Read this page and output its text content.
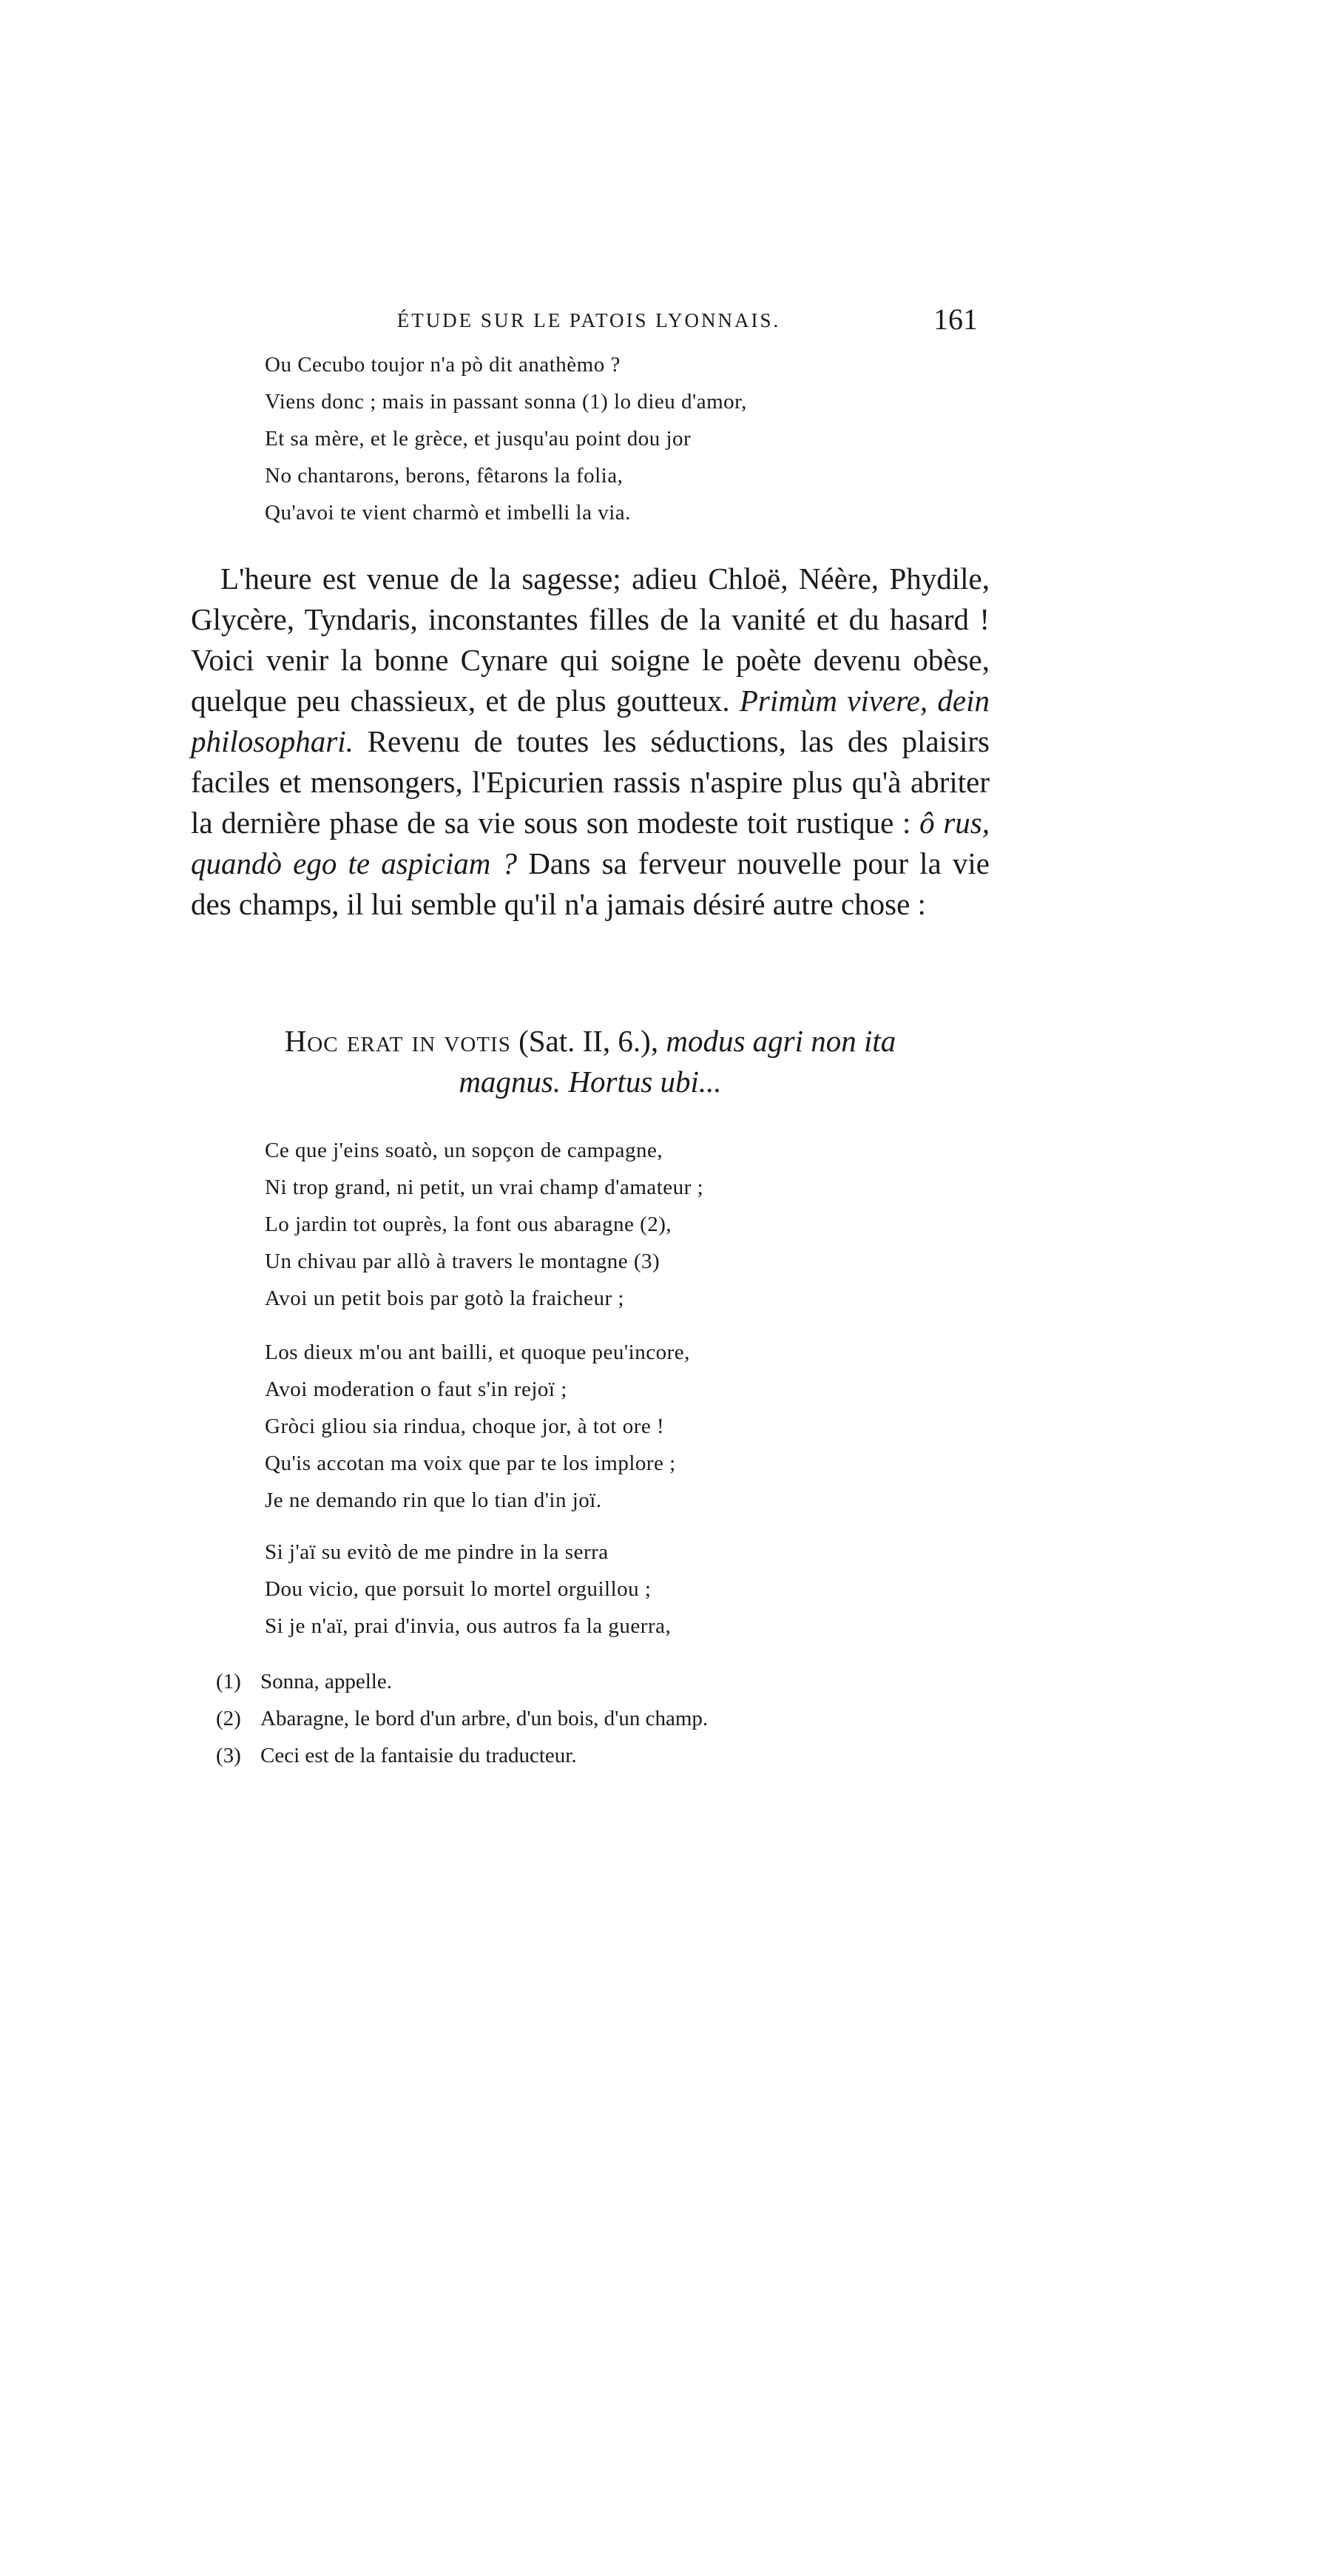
ÉTUDE SUR LE PATOIS LYONNAIS.	161
Ou Cecubo toujor n'a pò dit anathèmo ?
Viens donc ; mais in passant sonna (1) lo dieu d'amor,
Et sa mère, et le grèce, et jusqu'au point dou jor
No chantarons, berons, fêtarons la folia,
Qu'avoi te vient charmò et imbelli la via.

L'heure est venue de la sagesse; adieu Chloë, Néère, Phydile, Glycère, Tyndaris, inconstantes filles de la vanité et du hasard ! Voici venir la bonne Cynare qui soigne le poète devenu obèse, quelque peu chassieux, et de plus goutteux. Primùm vivere, dein philosophari. Revenu de toutes les séductions, las des plaisirs faciles et mensongers, l'Epicurien rassis n'aspire plus qu'à abriter la dernière phase de sa vie sous son modeste toit rustique : ô rus, quandò ego te aspiciam ? Dans sa ferveur nouvelle pour la vie des champs, il lui semble qu'il n'a jamais désiré autre chose :

Hoc erat in votis (Sat. II, 6.), modus agri non ita
magnus. Hortus ubi...
Ce que j'eins soatò, un sopçon de campagne,
Ni trop grand, ni petit, un vrai champ d'amateur ;
Lo jardin tot ouprès, la font ous abaragne (2),
Un chivau par allò à travers le montagne (3)
Avoi un petit bois par gotò la fraicheur ;
Los dieux m'ou ant bailli, et quoque peu'incore,
Avoi moderation o faut s'in rejoï ;
Gròci gliou sia rindua, choque jor, à tot ore !
Qu'is accotan ma voix que par te los implore ;
Je ne demando rin que lo tian d'in joï.
Si j'aï su evitò de me pindre in la serra
Dou vicio, que porsuit lo mortel orguillou ;
Si je n'aï, prai d'invia, ous autros fa la guerra,
(1) Sonna, appelle.
(2) Abaragne, le bord d'un arbre, d'un bois, d'un champ.
(3) Ceci est de la fantaisie du traducteur.
